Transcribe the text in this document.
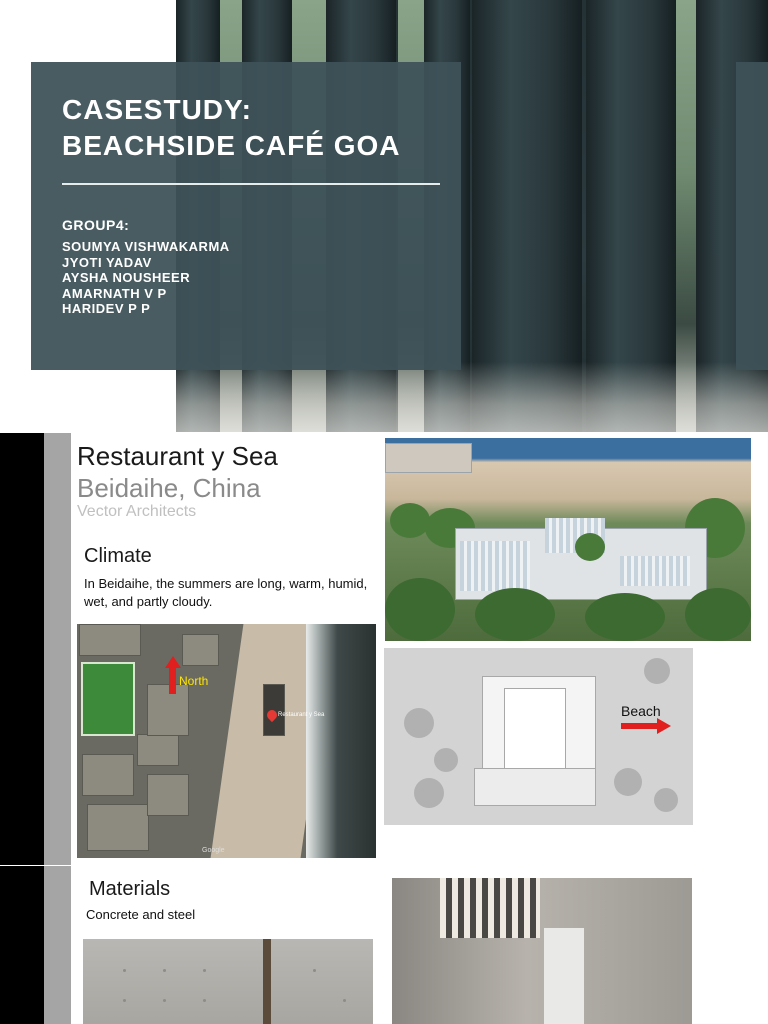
CASESTUDY:
BEACHSIDE CAFÉ GOA
GROUP4:
SOUMYA VISHWAKARMA
JYOTI YADAV
AYSHA NOUSHEER
AMARNATH V P
HARIDEV P P
Restaurant y Sea
Beidaihe, China
Vector Architects
Climate
In Beidaihe, the summers are long, warm, humid, wet, and partly cloudy.
North
Restaurant y Sea
Google
Beach
Materials
Concrete and steel
